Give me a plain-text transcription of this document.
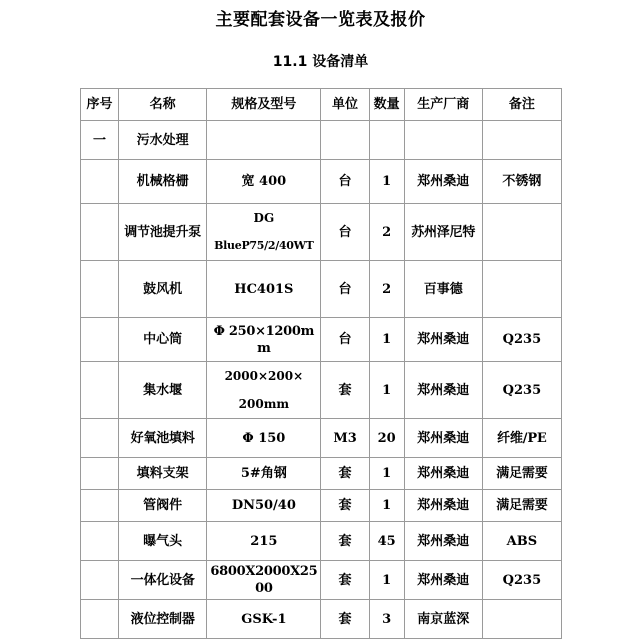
主要配套设备一览表及报价
11.1 设备清单
序号	名称	规格及型号	单位	数量	生产厂商	备注
一	污水处理					
	机械格栅	宽 400	台	1	郑州桑迪	不锈钢
	调节池提升泵	DG
BlueP75/2/40WT	台	2	苏州泽尼特	
	鼓风机	HC401S	台	2	百事德	
	中心筒	Φ 250×1200mm	台	1	郑州桑迪	Q235
	集水堰	2000×200×
200mm	套	1	郑州桑迪	Q235
	好氧池填料	Φ 150	M3	20	郑州桑迪	纤维/PE
	填料支架	5#角钢	套	1	郑州桑迪	满足需要
	管阀件	DN50/40	套	1	郑州桑迪	满足需要
	曝气头	215	套	45	郑州桑迪	ABS
	一体化设备	6800X2000X2500	套	1	郑州桑迪	Q235
	液位控制器	GSK-1	套	3	南京蓝深	
